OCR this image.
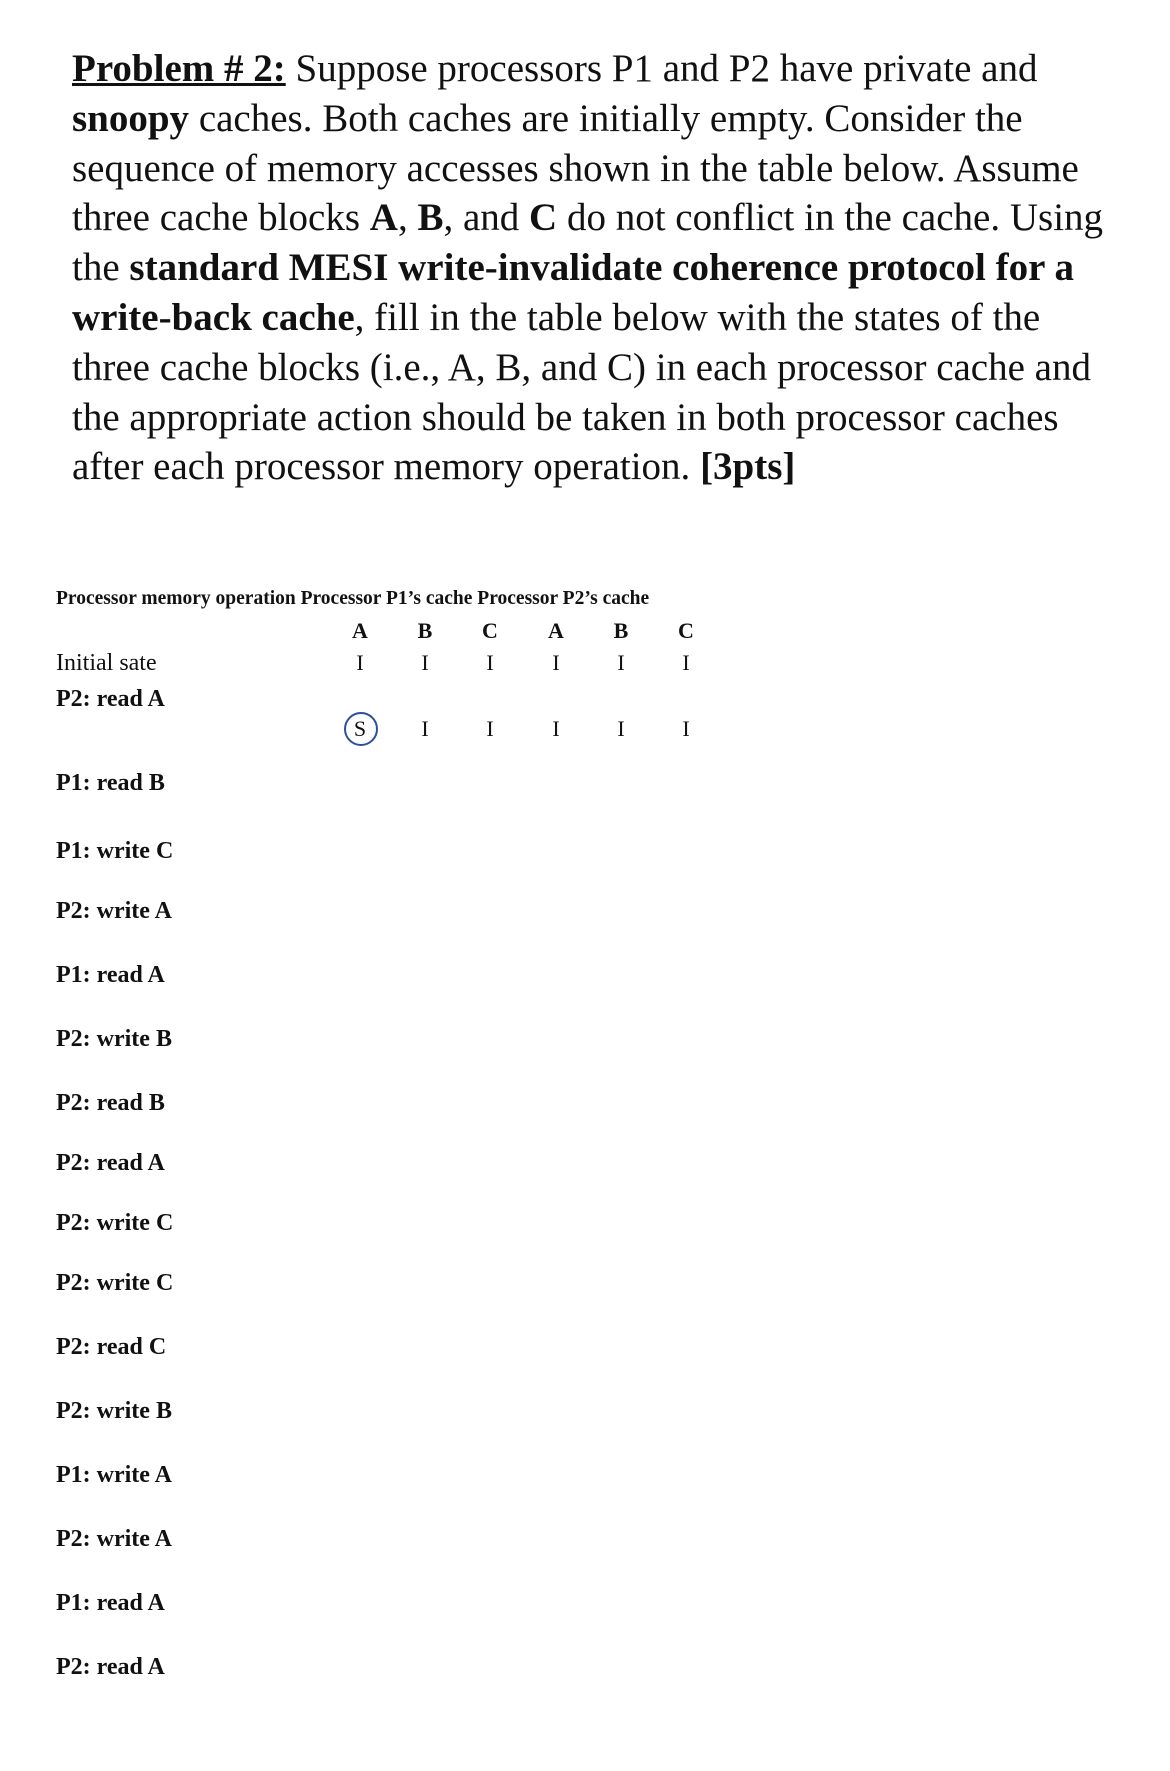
Problem # 2: Suppose processors P1 and P2 have private and snoopy caches. Both caches are initially empty. Consider the sequence of memory accesses shown in the table below. Assume three cache blocks A, B, and C do not conflict in the cache. Using the standard MESI write-invalidate coherence protocol for a write-back cache, fill in the table below with the states of the three cache blocks (i.e., A, B, and C) in each processor cache and the appropriate action should be taken in both processor caches after each processor memory operation. [3pts]

Processor memory operation Processor P1’s cache Processor P2’s cache
A	B	C	A	B	C
Initial sate	I	I	I	I	I	I
P2: read A
S	I	I	I	I	I
P1: read B
P1: write C
P2: write A
P1: read A
P2: write B
P2: read B
P2: read A
P2: write C
P2: write C
P2: read C
P2: write B
P1: write A
P2: write A
P1: read A
P2: read A
